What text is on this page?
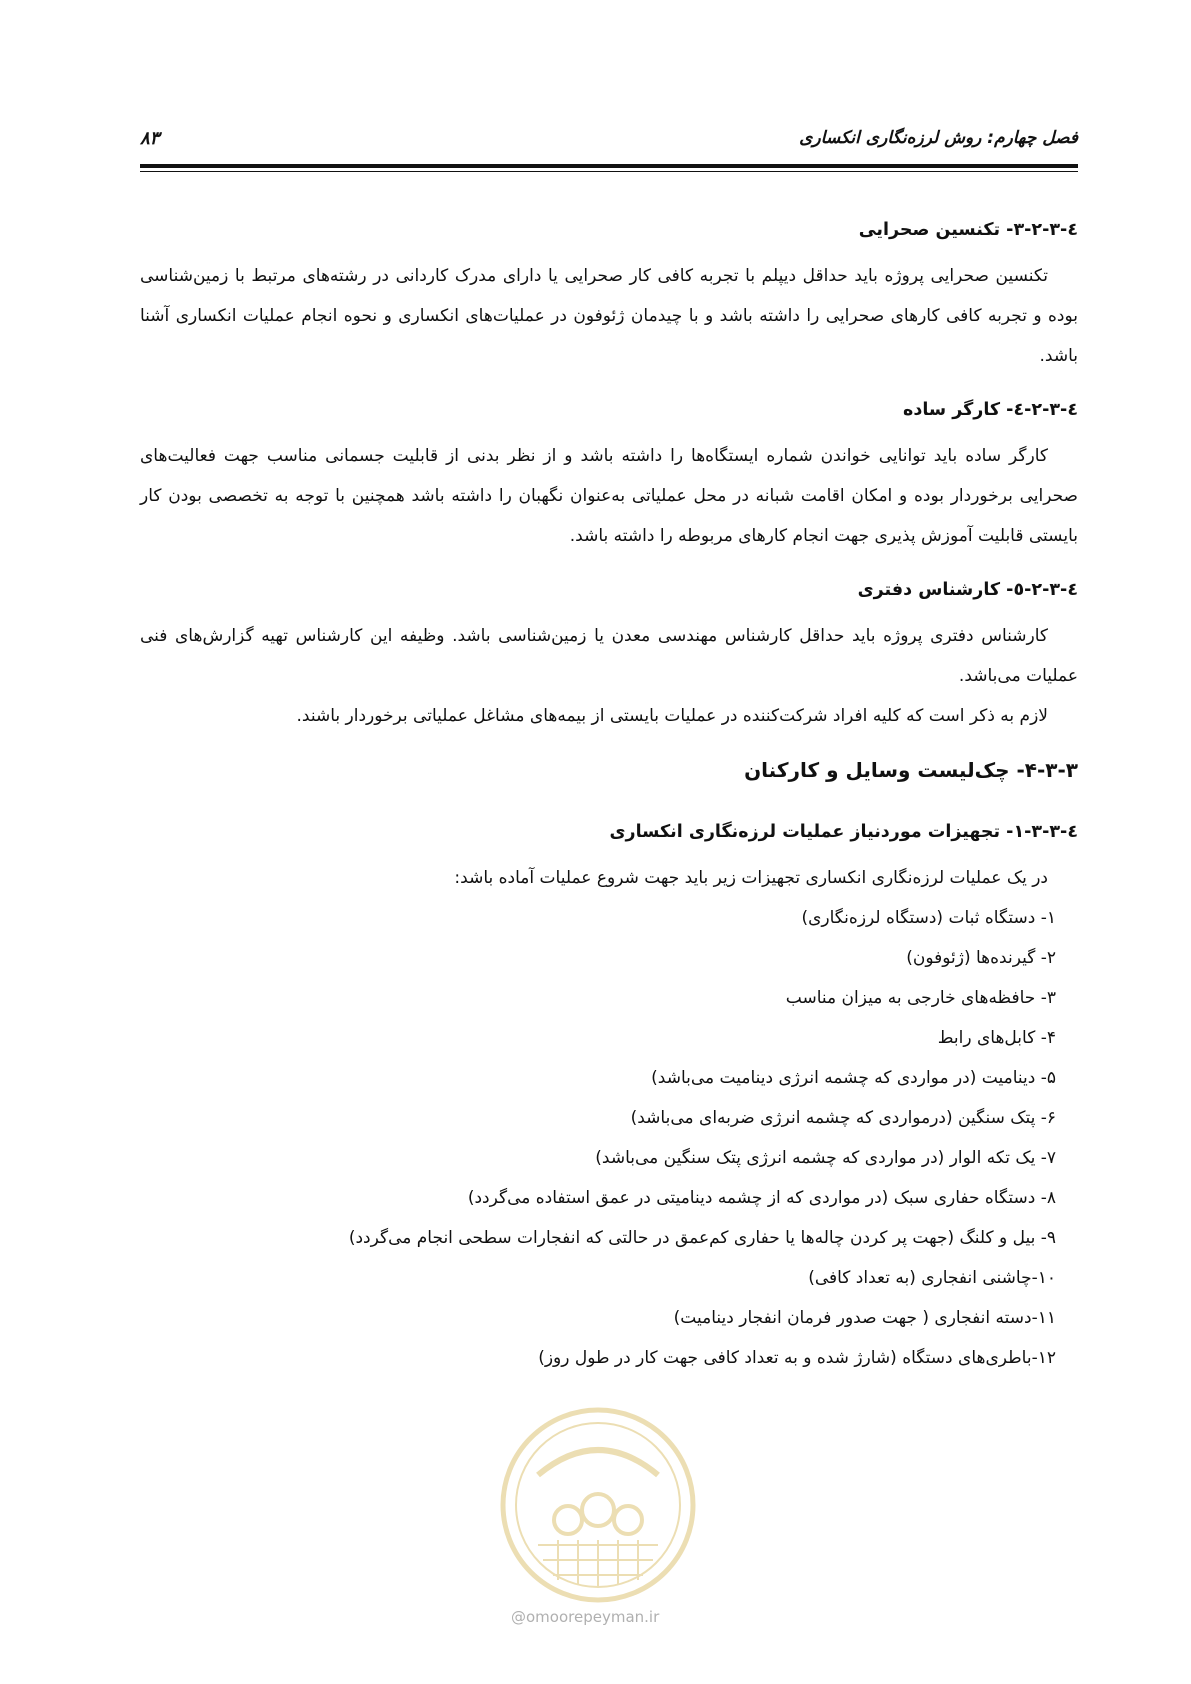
فصل چهارم: روش لرزه‌نگاری انکساری
۸۳
٤-٣-٢-٣- تکنسین صحرایی

تکنسین صحرایی پروژه باید حداقل دیپلم با تجربه کافی کار صحرایی یا دارای مدرک کاردانی در رشته‌های مرتبط با زمین‌شناسی بوده و تجربه کافی کارهای صحرایی را داشته باشد و با چیدمان ژئوفون در عملیات‌های انکساری و نحوه انجام عملیات انکساری آشنا باشد.

٤-٣-٢-٤- کارگر ساده

کارگر ساده باید توانایی خواندن شماره ایستگاه‌ها را داشته باشد و از نظر بدنی از قابلیت جسمانی مناسب جهت فعالیت‌های صحرایی برخوردار بوده و امکان اقامت شبانه در محل عملیاتی به‌عنوان نگهبان را داشته باشد همچنین با توجه به تخصصی بودن کار بایستی قابلیت آموزش پذیری جهت انجام کارهای مربوطه را داشته باشد.

٤-٣-٢-٥- کارشناس دفتری

کارشناس دفتری پروژه باید حداقل کارشناس مهندسی معدن یا زمین‌شناسی باشد. وظیفه این کارشناس تهیه گزارش‌های فنی عملیات می‌باشد.

لازم به ذکر است که کلیه افراد شرکت‌کننده در عملیات بایستی از بیمه‌های مشاغل عملیاتی برخوردار باشند.

۴-۳-۳- چک‌لیست وسایل و کارکنان
٤-٣-٣-١- تجهیزات موردنیاز عملیات لرزه‌نگاری انکساری

در یک عملیات لرزه‌نگاری انکساری تجهیزات زیر باید جهت شروع عملیات آماده باشد:

۱- دستگاه ثبات (دستگاه لرزه‌نگاری)
۲- گیرنده‌ها (ژئوفون)
۳- حافظه‌های خارجی به میزان مناسب
۴- کابل‌های رابط
۵- دینامیت (در مواردی که چشمه انرژی دینامیت می‌باشد)
۶- پتک سنگین (درمواردی که چشمه انرژی ضربه‌ای می‌باشد)
۷- یک تکه الوار (در مواردی که چشمه انرژی پتک سنگین می‌باشد)
۸- دستگاه حفاری سبک (در مواردی که از چشمه دینامیتی در عمق استفاده می‌گردد)
۹- بیل و کلنگ (جهت پر کردن چاله‌ها یا حفاری کم‌عمق در حالتی که انفجارات سطحی انجام می‌گردد)
۱۰-چاشنی انفجاری (به تعداد کافی)
۱۱-دسته انفجاری ( جهت صدور فرمان انفجار دینامیت)
۱۲-باطری‌های دستگاه (شارژ شده و به تعداد کافی جهت کار در طول روز)
@omoorepeyman.ir
